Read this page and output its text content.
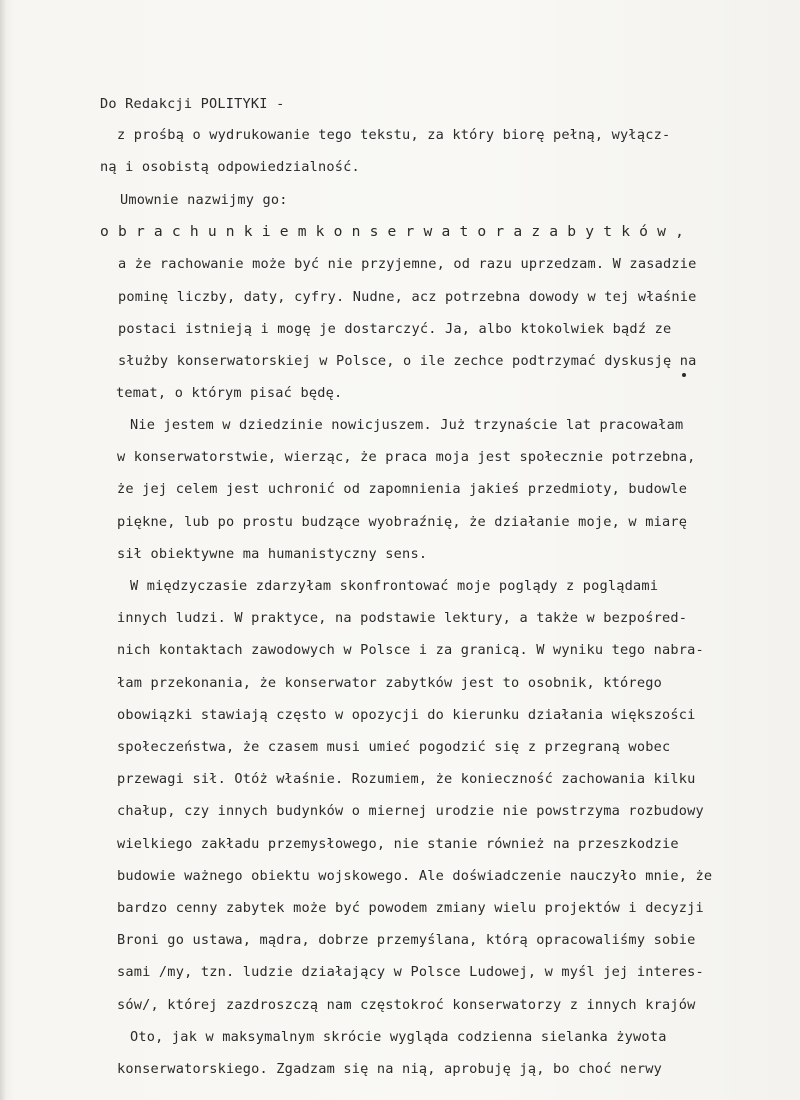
Do Redakcji POLITYKI -
z prośbą o wydrukowanie tego tekstu, za który biorę pełną, wyłącz-
ną i osobistą odpowiedzialność.
Umownie nazwijmy go:
o b r a c h u n k i e m k o n s e r w a t o r a z a b y t k ó w ,
a że rachowanie może być nie przyjemne, od razu uprzedzam. W zasadzie
pominę liczby, daty, cyfry. Nudne, acz potrzebna dowody w tej właśnie
postaci istnieją i mogę je dostarczyć. Ja, albo ktokolwiek bądź ze
służby konserwatorskiej w Polsce, o ile zechce podtrzymać dyskusję na
temat, o którym pisać będę.
Nie jestem w dziedzinie nowicjuszem. Już trzynaście lat pracowałam
w konserwatorstwie, wierząc, że praca moja jest społecznie potrzebna,
że jej celem jest uchronić od zapomnienia jakieś przedmioty, budowle
piękne, lub po prostu budzące wyobraźnię, że działanie moje, w miarę
sił obiektywne ma humanistyczny sens.
W międzyczasie zdarzyłam skonfrontować moje poglądy z poglądami
innych ludzi. W praktyce, na podstawie lektury, a także w bezpośred-
nich kontaktach zawodowych w Polsce i za granicą. W wyniku tego nabra-
łam przekonania, że konserwator zabytków jest to osobnik, którego
obowiązki stawiają często w opozycji do kierunku działania większości
społeczeństwa, że czasem musi umieć pogodzić się z przegraną wobec
przewagi sił. Otóż właśnie. Rozumiem, że konieczność zachowania kilku
chałup, czy innych budynków o miernej urodzie nie powstrzyma rozbudowy
wielkiego zakładu przemysłowego, nie stanie również na przeszkodzie
budowie ważnego obiektu wojskowego. Ale doświadczenie nauczyło mnie, że
bardzo cenny zabytek może być powodem zmiany wielu projektów i decyzji
Broni go ustawa, mądra, dobrze przemyślana, którą opracowaliśmy sobie
sami /my, tzn. ludzie działający w Polsce Ludowej, w myśl jej interes-
sów/, której zazdroszczą nam częstokroć konserwatorzy z innych krajów
Oto, jak w maksymalnym skrócie wygląda codzienna sielanka żywota
konserwatorskiego. Zgadzam się na nią, aprobuję ją, bo choć nerwy
